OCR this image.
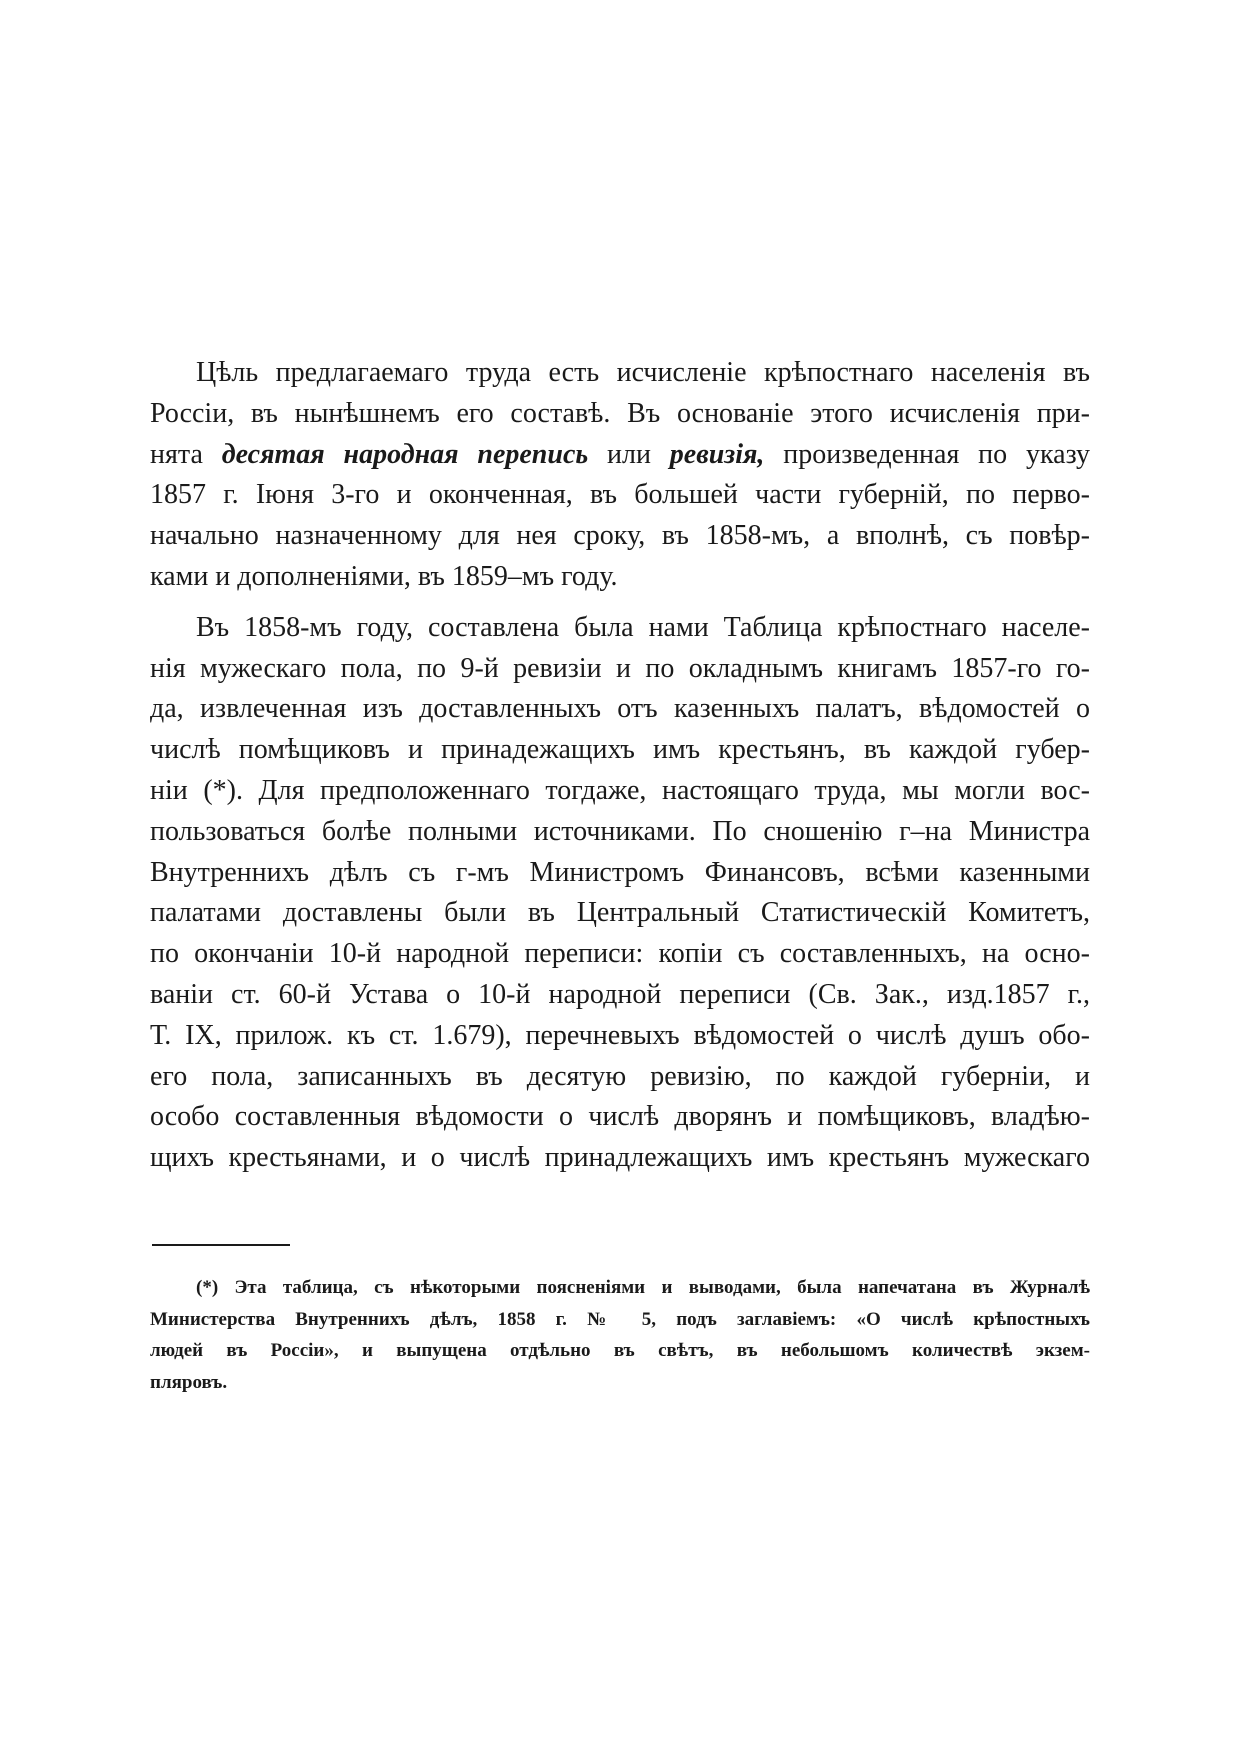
Цѣль предлагаемаго труда есть исчисленіе крѣпостнаго населенія въ
Россіи, въ нынѣшнемъ его составѣ. Въ основаніе этого исчисленія при-
нята десятая народная перепись или ревизія, произведенная по указу
1857 г. Іюня 3-го и оконченная, въ большей части губерній, по перво-
начально назначенному для нея сроку, въ 1858-мъ, а вполнѣ, съ повѣр-
ками и дополненіями, въ 1859–мъ году.
Въ 1858-мъ году, составлена была нами Таблица крѣпостнаго населе-
нія мужескаго пола, по 9-й ревизіи и по окладнымъ книгамъ 1857-го го-
да, извлеченная изъ доставленныхъ отъ казенныхъ палатъ, вѣдомостей о
числѣ помѣщиковъ и принадежащихъ имъ крестьянъ, въ каждой губер-
ніи (*). Для предположеннаго тогдаже, настоящаго труда, мы могли вос-
пользоваться болѣе полными источниками. По сношенію г–на Министра
Внутреннихъ дѣлъ съ г-мъ Министромъ Финансовъ, всѣми казенными
палатами доставлены были въ Центральный Статистическій Комитетъ,
по окончаніи 10-й народной переписи: копіи съ составленныхъ, на осно-
ваніи ст. 60-й Устава о 10-й народной переписи (Св. Зак., изд.1857 г.,
Т. IX, прилож. къ ст. 1.679), перечневыхъ вѣдомостей о числѣ душъ обо-
его пола, записанныхъ въ десятую ревизію, по каждой губерніи, и
особо составленныя вѣдомости о числѣ дворянъ и помѣщиковъ, владѣю-
щихъ крестьянами, и о числѣ принадлежащихъ имъ крестьянъ мужескаго
(*) Эта таблица, съ нѣкоторыми поясненіями и выводами, была напечатана въ Журналѣ
Министерства Внутреннихъ дѣлъ, 1858 г. № 5, подъ заглавіемъ: «О числѣ крѣпостныхъ
людей въ Россіи», и выпущена отдѣльно въ свѣтъ, въ небольшомъ количествѣ экзем-
пляровъ.
